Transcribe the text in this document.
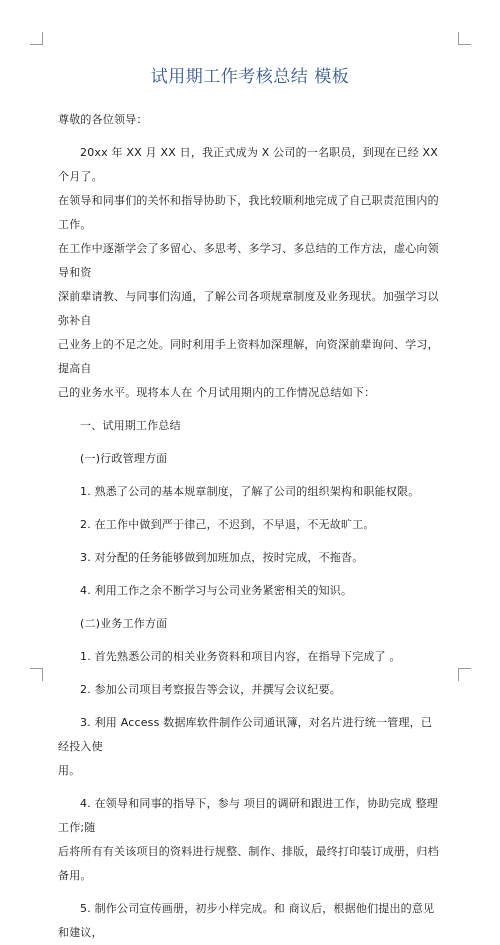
试用期工作考核总结 模板

尊敬的各位领导：

20xx 年 XX 月 XX 日，我正式成为 X 公司的一名职员，到现在已经 XX 个月了。

在领导和同事们的关怀和指导协助下，我比较顺利地完成了自己职责范围内的工作。

在工作中逐渐学会了多留心、多思考、多学习、多总结的工作方法，虚心向领导和资

深前辈请教、与同事们沟通，了解公司各项规章制度及业务现状。加强学习以弥补自

己业务上的不足之处。同时利用手上资料加深理解，向资深前辈询问、学习，提高自

己的业务水平。现将本人在 个月试用期内的工作情况总结如下：

一、试用期工作总结

(一)行政管理方面

1. 熟悉了公司的基本规章制度，了解了公司的组织架构和职能权限。

2. 在工作中做到严于律己，不迟到，不早退，不无故旷工。

3. 对分配的任务能够做到加班加点，按时完成，不拖沓。

4. 利用工作之余不断学习与公司业务紧密相关的知识。

(二)业务工作方面

1. 首先熟悉公司的相关业务资料和项目内容，在指导下完成了 。

2. 参加公司项目考察报告等会议，并撰写会议纪要。

3. 利用 Access 数据库软件制作公司通讯簿，对名片进行统一管理，已经投入使

用。

4. 在领导和同事的指导下，参与 项目的调研和跟进工作，协助完成 整理工作;随

后将所有有关该项目的资料进行规整、制作、排版，最终打印装订成册，归档备用。

5. 制作公司宣传画册，初步小样完成。和 商议后，根据他们提出的意见和建议，
